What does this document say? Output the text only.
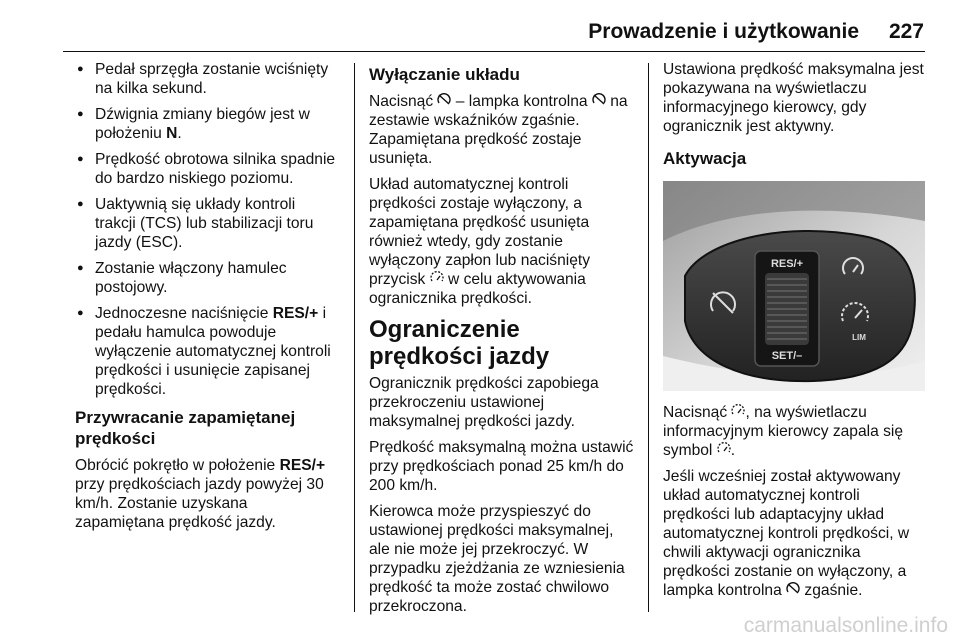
Prowadzenie i użytkowanie 227
● Pedał sprzęgła zostanie wciśnięty na kilka sekund.
● Dźwignia zmiany biegów jest w położeniu N.
● Prędkość obrotowa silnika spadnie do bardzo niskiego poziomu.
● Uaktywnią się układy kontroli trakcji (TCS) lub stabilizacji toru jazdy (ESC).
● Zostanie włączony hamulec postojowy.
● Jednoczesne naciśnięcie RES/+ i pedału hamulca powoduje wyłączenie automatycznej kontroli prędkości i usunięcie zapisanej prędkości.
Przywracanie zapamiętanej prędkości

Obrócić pokrętło w położenie RES/+ przy prędkościach jazdy powyżej 30 km/h. Zostanie uzyskana zapamiętana prędkość jazdy.

Wyłączanie układu

Nacisnąć  – lampka kontrolna  na zestawie wskaźników zgaśnie. Zapamiętana prędkość zostaje usunięta.

Układ automatycznej kontroli prędkości zostaje wyłączony, a zapamiętana prędkość usunięta również wtedy, gdy zostanie wyłączony zapłon lub naciśnięty przycisk  w celu aktywowania ogranicznika prędkości.

Ograniczenie prędkości jazdy

Ogranicznik prędkości zapobiega przekroczeniu ustawionej maksymalnej prędkości jazdy.

Prędkość maksymalną można ustawić przy prędkościach ponad 25 km/h do 200 km/h.

Kierowca może przyspieszyć do ustawionej prędkości maksymalnej, ale nie może jej przekroczyć. W przypadku zjeżdżania ze wzniesienia prędkość ta może zostać chwilowo przekroczona.

Ustawiona prędkość maksymalna jest pokazywana na wyświetlaczu informacyjnego kierowcy, gdy ogranicznik jest aktywny.

Aktywacja
RES/+
SET/–
LIM

Nacisnąć , na wyświetlaczu informacyjnym kierowcy zapala się symbol .

Jeśli wcześniej został aktywowany układ automatycznej kontroli prędkości lub adaptacyjny układ automatycznej kontroli prędkości, w chwili aktywacji ogranicznika prędkości zostanie on wyłączony, a lampka kontrolna  zgaśnie.

carmanualsonline.info
